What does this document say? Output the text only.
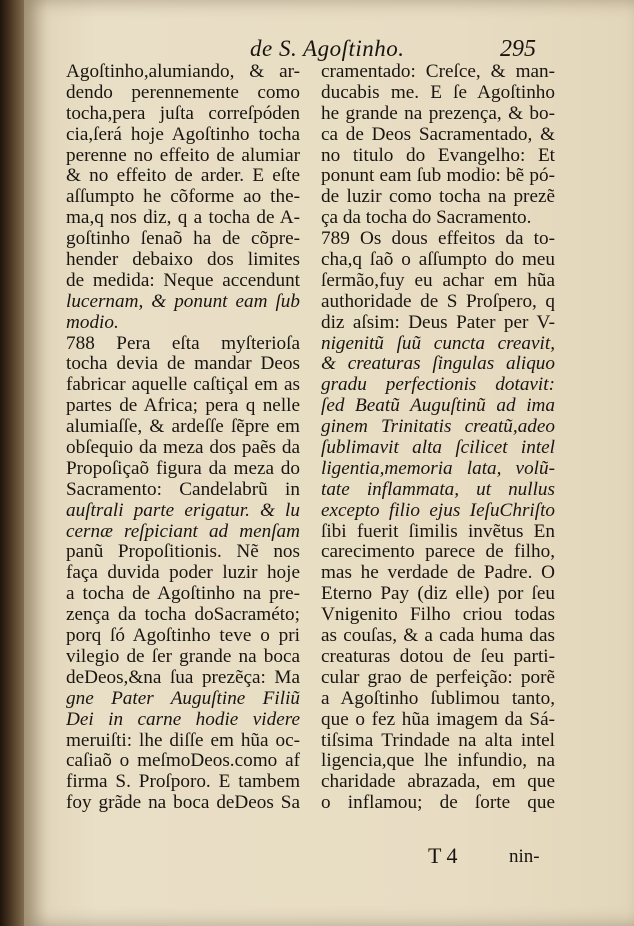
de S. Agoſtinho.	295
Agoſtinho,alumiando, & ar-
dendo perennemente como
tocha,pera juſta correſpóden
cia,ſerá hoje Agoſtinho tocha
perenne no effeito de alumiar
& no effeito de arder. E eſte
aſſumpto he cõforme ao the-
ma,q nos diz, q a tocha de A-
goſtinho ſenaõ ha de cõpre-
hender debaixo dos limites
de medida: Neque accendunt
lucernam, & ponunt eam ſub
modio.
788 Pera eſta myſterioſa
tocha devia de mandar Deos
fabricar aquelle caſtiçal em as
partes de Africa; pera q nelle
alumiaſſe, & ardeſſe ſẽpre em
obſequio da meza dos paẽs da
Propoſiçaõ figura da meza do
Sacramento: Candelabrũ in
auſtrali parte erigatur. & lu
cernæ reſpiciant ad menſam
panũ Propoſitionis. Nẽ nos
faça duvida poder luzir hoje
a tocha de Agoſtinho na pre-
zença da tocha doSacraméto;
porq ſó Agoſtinho teve o pri
vilegio de ſer grande na boca
deDeos,&na ſua prezẽça: Ma
gne Pater Auguſtine Filiũ
Dei in carne hodie videre
meruiſti: lhe diſſe em hũa oc-
caſiaõ o meſmoDeos.como af
firma S. Proſporo. E tambem
foy grãde na boca deDeos Sa
cramentado: Creſce, & man-
ducabis me. E ſe Agoſtinho
he grande na prezença, & bo-
ca de Deos Sacramentado, &
no titulo do Evangelho: Et
ponunt eam ſub modio: bẽ pó-
de luzir como tocha na prezẽ
ça da tocha do Sacramento.
789 Os dous effeitos da to-
cha,q ſaõ o aſſumpto do meu
ſermão,fuy eu achar em hũa
authoridade de S Proſpero, q
diz aſsim: Deus Pater per V-
nigenitũ ſuũ cuncta creavit,
& creaturas ſingulas aliquo
gradu perfectionis dotavit:
ſed Beatũ Auguſtinũ ad ima
ginem Trinitatis creatũ,adeo
ſublimavit alta ſcilicet intel
ligentia,memoria lata, volũ-
tate inflammata, ut nullus
excepto filio ejus IeſuChriſto
ſibi fuerit ſimilis invẽtus En
carecimento parece de filho,
mas he verdade de Padre. O
Eterno Pay (diz elle) por ſeu
Vnigenito Filho criou todas
as couſas, & a cada huma das
creaturas dotou de ſeu parti-
cular grao de perfeição: porẽ
a Agoſtinho ſublimou tanto,
que o fez hũa imagem da Sá-
tiſsima Trindade na alta intel
ligencia,que lhe infundio, na
charidade abrazada, em que
o inflamou; de ſorte que
T 4	nin-
